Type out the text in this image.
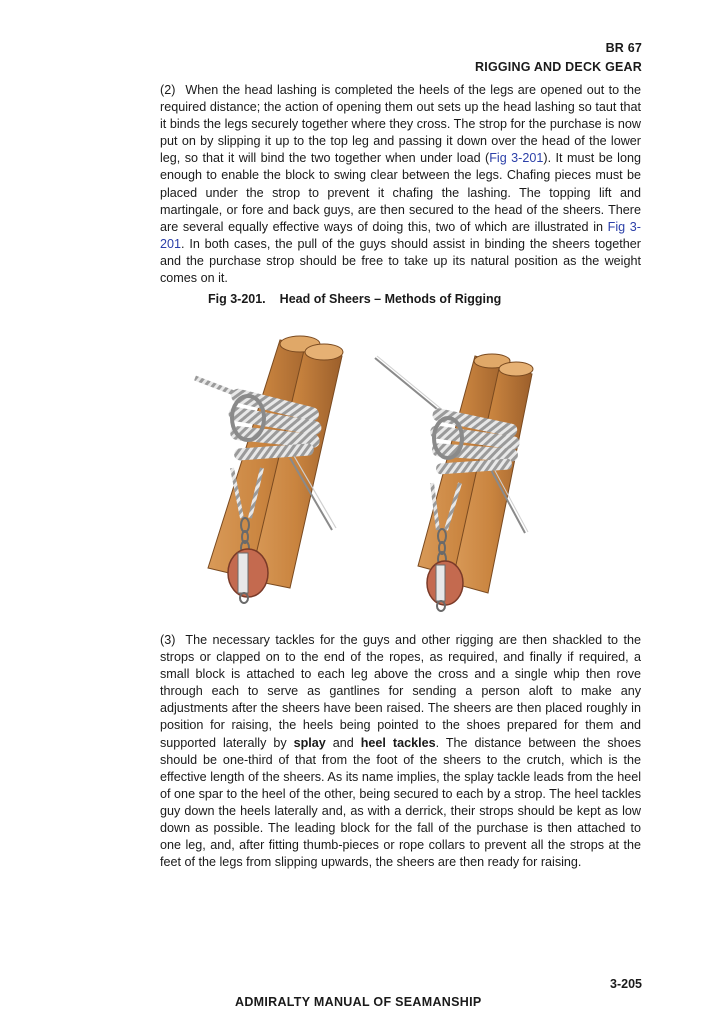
BR 67
RIGGING AND DECK GEAR

(2) When the head lashing is completed the heels of the legs are opened out to the required distance; the action of opening them out sets up the head lashing so taut that it binds the legs securely together where they cross. The strop for the purchase is now put on by slipping it up to the top leg and passing it down over the head of the lower leg, so that it will bind the two together when under load (Fig 3-201). It must be long enough to enable the block to swing clear between the legs. Chafing pieces must be placed under the strop to prevent it chafing the lashing. The topping lift and martingale, or fore and back guys, are then secured to the head of the sheers. There are several equally effective ways of doing this, two of which are illustrated in Fig 3-201. In both cases, the pull of the guys should assist in binding the sheers together and the purchase strop should be free to take up its natural position as the weight comes on it.

Fig 3-201. Head of Sheers – Methods of Rigging

(3) The necessary tackles for the guys and other rigging are then shackled to the strops or clapped on to the end of the ropes, as required, and finally if required, a small block is attached to each leg above the cross and a single whip then rove through each to serve as gantlines for sending a person aloft to make any adjustments after the sheers have been raised. The sheers are then placed roughly in position for raising, the heels being pointed to the shoes prepared for them and supported laterally by splay and heel tackles. The distance between the shoes should be one-third of that from the foot of the sheers to the crutch, which is the effective length of the sheers. As its name implies, the splay tackle leads from the heel of one spar to the heel of the other, being secured to each by a strop. The heel tackles guy down the heels laterally and, as with a derrick, their strops should be kept as low down as possible. The leading block for the fall of the purchase is then attached to one leg, and, after fitting thumb-pieces or rope collars to prevent all the strops at the feet of the legs from slipping upwards, the sheers are then ready for raising.

3-205
ADMIRALTY MANUAL OF SEAMANSHIP
